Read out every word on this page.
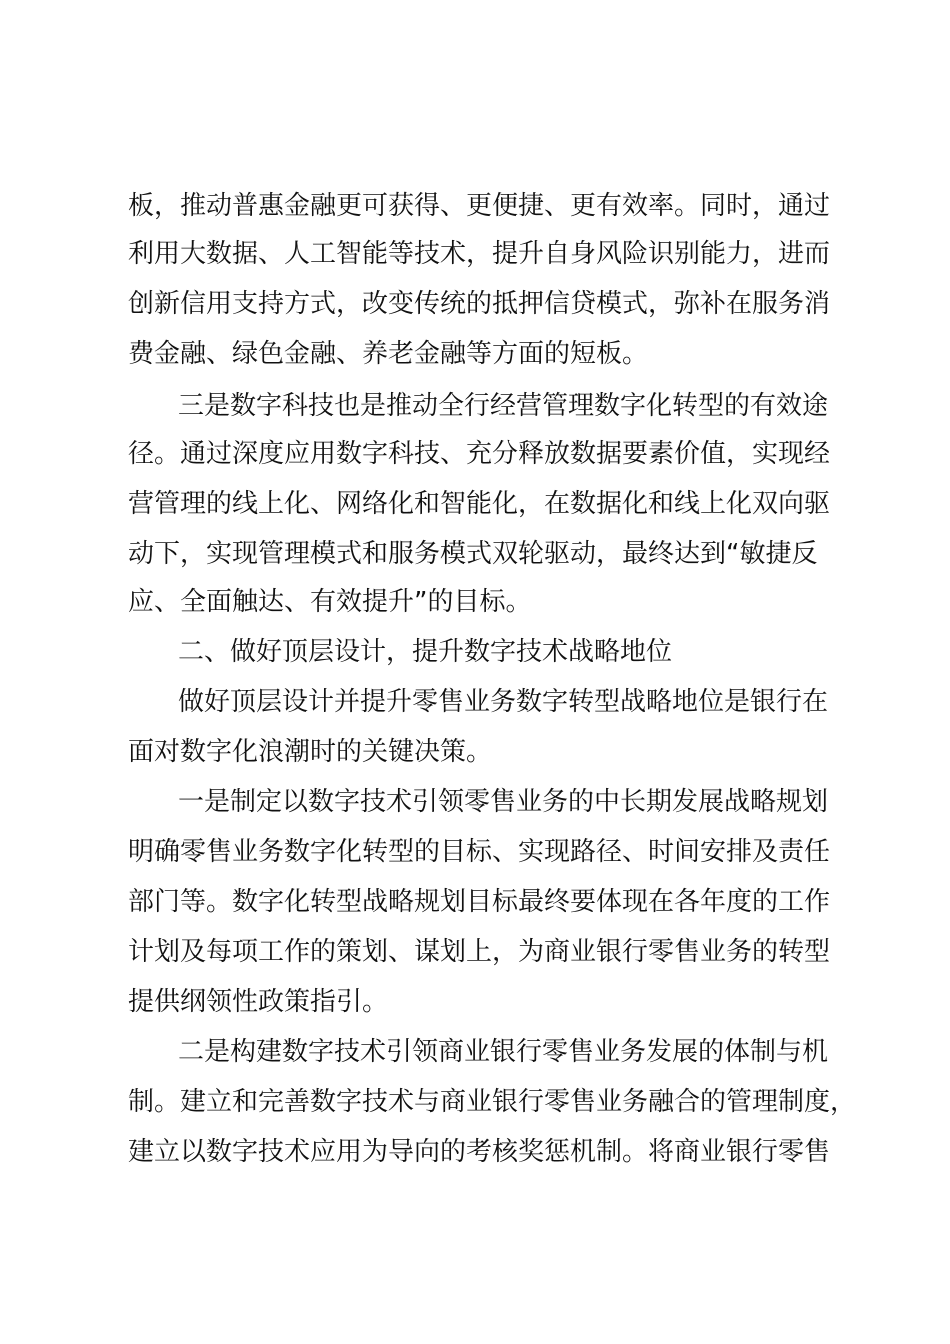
板，推动普惠金融更可获得、更便捷、更有效率。同时，通过
利用大数据、人工智能等技术，提升自身风险识别能力，进而
创新信用支持方式，改变传统的抵押信贷模式，弥补在服务消
费金融、绿色金融、养老金融等方面的短板。
三是数字科技也是推动全行经营管理数字化转型的有效途
径。通过深度应用数字科技、充分释放数据要素价值，实现经
营管理的线上化、网络化和智能化，在数据化和线上化双向驱
动下，实现管理模式和服务模式双轮驱动，最终达到“敏捷反
应、全面触达、有效提升”的目标。
二、做好顶层设计，提升数字技术战略地位
做好顶层设计并提升零售业务数字转型战略地位是银行在
面对数字化浪潮时的关键决策。
一是制定以数字技术引领零售业务的中长期发展战略规划
明确零售业务数字化转型的目标、实现路径、时间安排及责任
部门等。数字化转型战略规划目标最终要体现在各年度的工作
计划及每项工作的策划、谋划上，为商业银行零售业务的转型
提供纲领性政策指引。
二是构建数字技术引领商业银行零售业务发展的体制与机
制。建立和完善数字技术与商业银行零售业务融合的管理制度，
建立以数字技术应用为导向的考核奖惩机制。将商业银行零售
